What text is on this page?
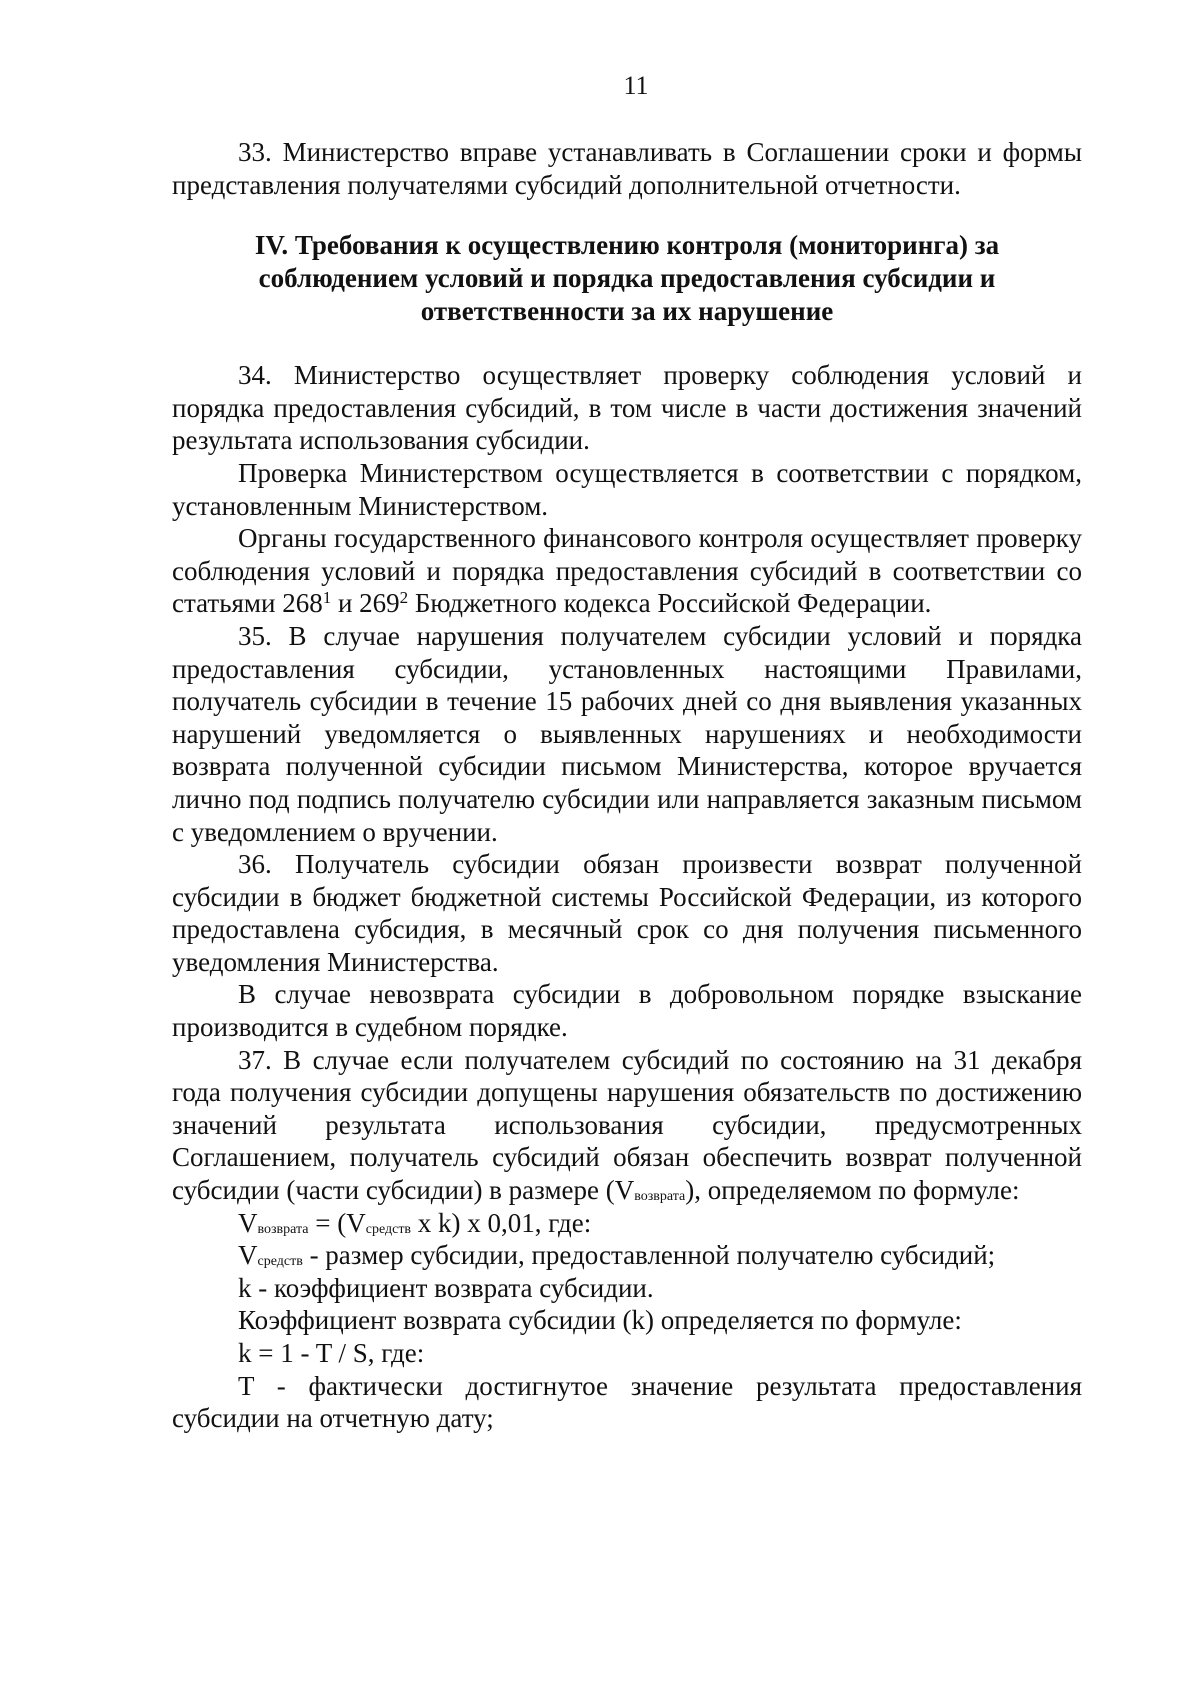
11

33. Министерство вправе устанавливать в Соглашении сроки и формы представления получателями субсидий дополнительной отчетности.

IV. Требования к осуществлению контроля (мониторинга) за
соблюдением условий и порядка предоставления субсидии и
ответственности за их нарушение

34. Министерство осуществляет проверку соблюдения условий и порядка предоставления субсидий, в том числе в части достижения значений результата использования субсидии.

Проверка Министерством осуществляется в соответствии с порядком, установленным Министерством.

Органы государственного финансового контроля осуществляет проверку соблюдения условий и порядка предоставления субсидий в соответствии со статьями $268^1$ и $269^2$ Бюджетного кодекса Российской Федерации.

35. В случае нарушения получателем субсидии условий и порядка предоставления субсидии, установленных настоящими Правилами, получатель субсидии в течение 15 рабочих дней со дня выявления указанных нарушений уведомляется о выявленных нарушениях и необходимости возврата полученной субсидии письмом Министерства, которое вручается лично под подпись получателю субсидии или направляется заказным письмом с уведомлением о вручении.

36. Получатель субсидии обязан произвести возврат полученной субсидии в бюджет бюджетной системы Российской Федерации, из которого предоставлена субсидия, в месячный срок со дня получения письменного уведомления Министерства.

В случае невозврата субсидии в добровольном порядке взыскание производится в судебном порядке.

37. В случае если получателем субсидий по состоянию на 31 декабря года получения субсидии допущены нарушения обязательств по достижению значений результата использования субсидии, предусмотренных Соглашением, получатель субсидий обязан обеспечить возврат полученной субсидии (части субсидии) в размере $(V_{возврата})$, определяемом по формуле:

$V_{возврата} = (V_{средств}$ x k) x 0,01, где:

$V_{средств}$ - размер субсидии, предоставленной получателю субсидий;

k - коэффициент возврата субсидии.

Коэффициент возврата субсидии (k) определяется по формуле:

k = 1 - T / S, где:

T - фактически достигнутое значение результата предоставления субсидии на отчетную дату;
